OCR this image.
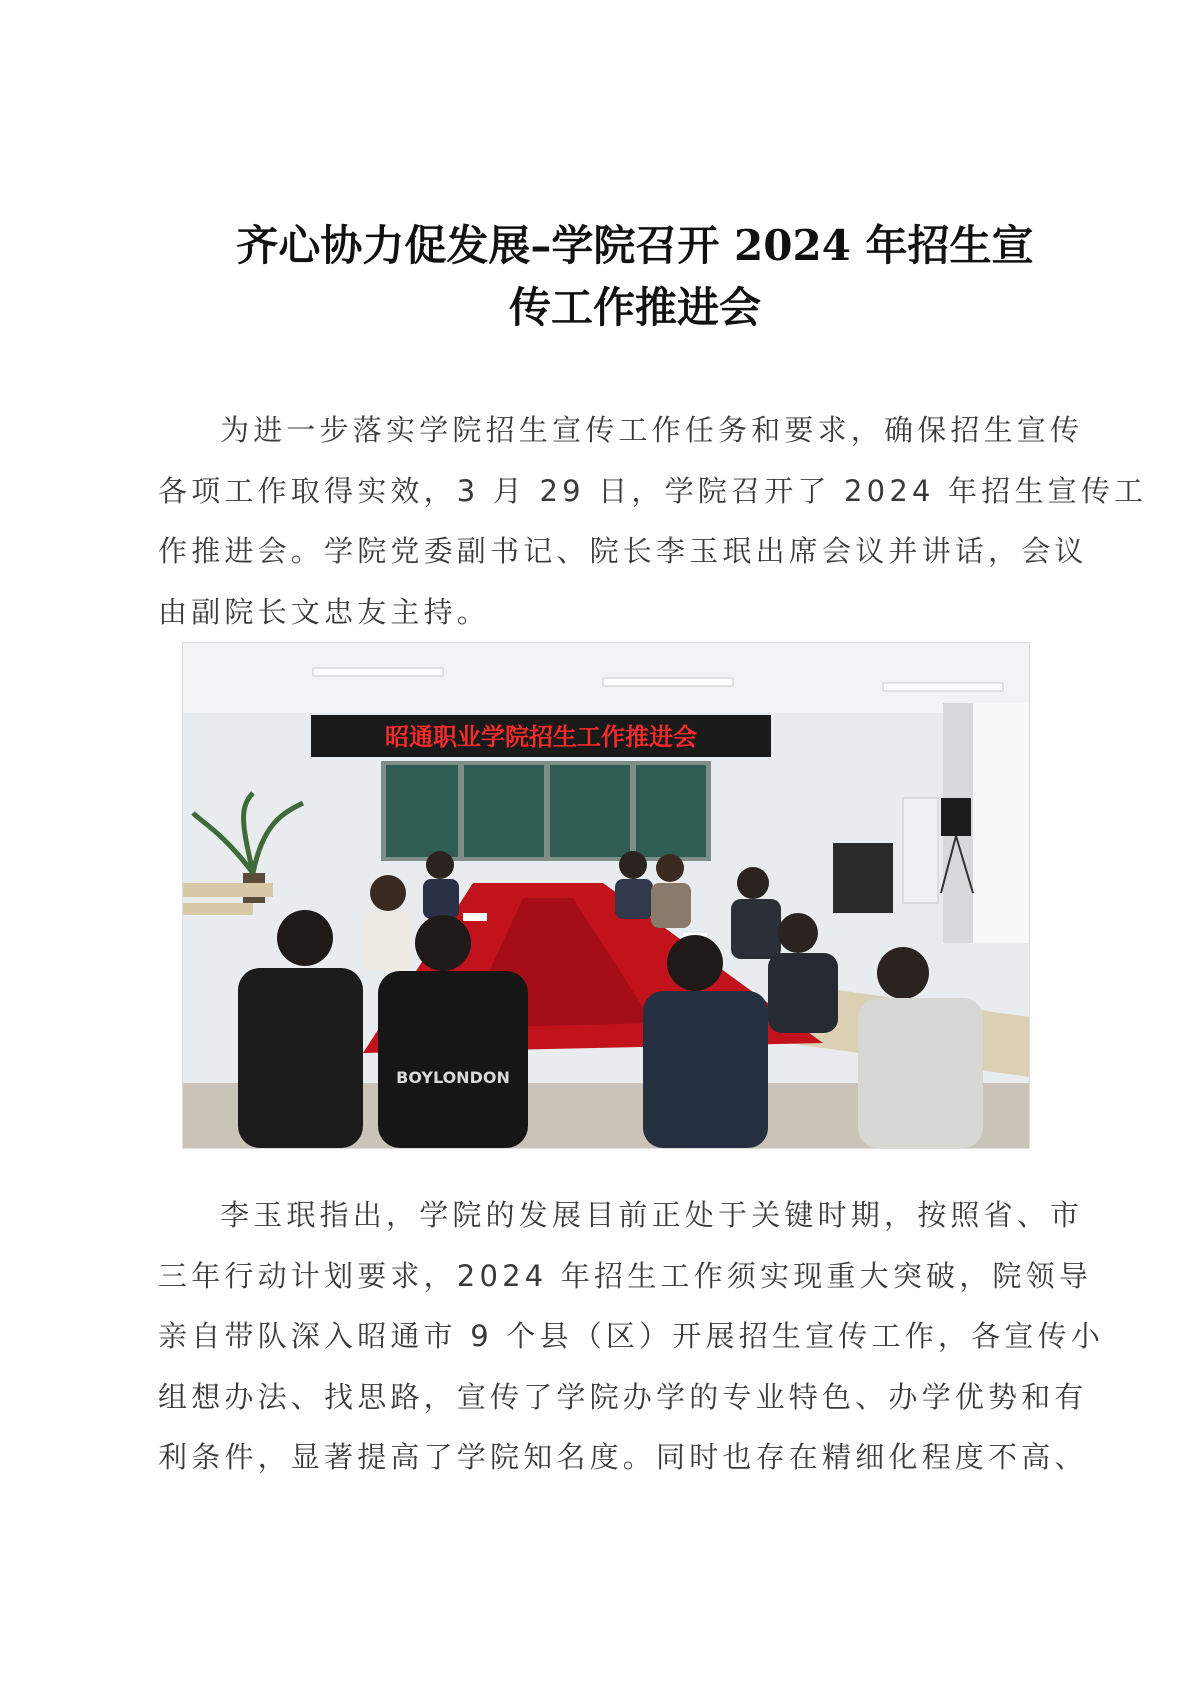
齐心协力促发展–学院召开 2024 年招生宣
传工作推进会
为进一步落实学院招生宣传工作任务和要求，确保招生宣传
各项工作取得实效，3 月 29 日，学院召开了 2024 年招生宣传工
作推进会。学院党委副书记、院长李玉珉出席会议并讲话，会议
由副院长文忠友主持。
昭通职业学院招生工作推进会
BOYLONDON
李玉珉指出，学院的发展目前正处于关键时期，按照省、市
三年行动计划要求，2024 年招生工作须实现重大突破，院领导
亲自带队深入昭通市 9 个县（区）开展招生宣传工作，各宣传小
组想办法、找思路，宣传了学院办学的专业特色、办学优势和有
利条件，显著提高了学院知名度。同时也存在精细化程度不高、
